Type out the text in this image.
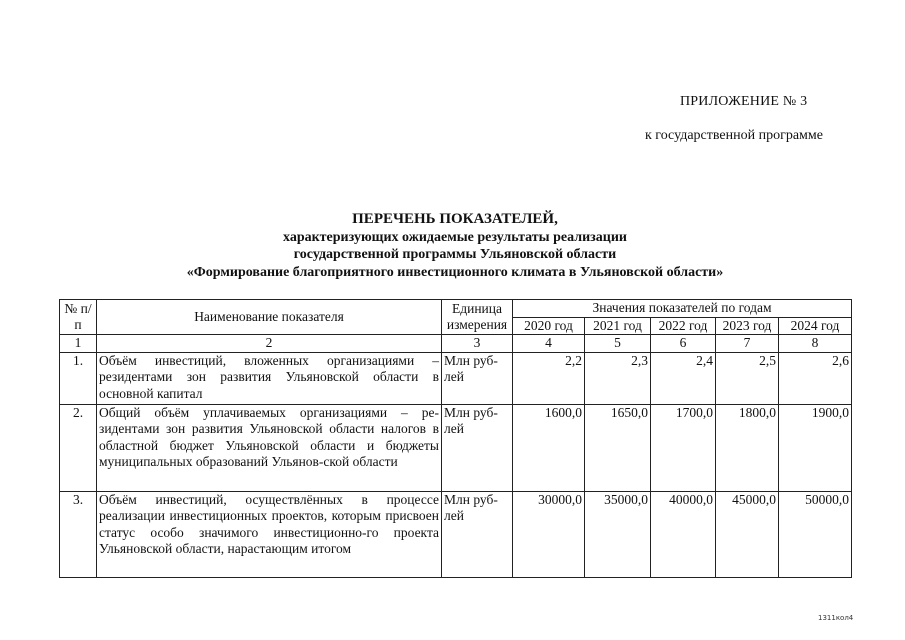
ПРИЛОЖЕНИЕ № 3
к государственной программе
ПЕРЕЧЕНЬ ПОКАЗАТЕЛЕЙ,
характеризующих ожидаемые результаты реализации
государственной программы Ульяновской области
«Формирование благоприятного инвестиционного климата в Ульяновской области»
№ п/п	Наименование показателя	Единица измерения	Значения показателей по годам				
			2020 год	2021 год	2022 год	2023 год	2024 год
1	2	3	4	5	6	7	8
1.	Объём инвестиций, вложенных организациями – резидентами зон развития Ульяновской области в основной капитал	Млн руб-лей	2,2	2,3	2,4	2,5	2,6
2.	Общий объём уплачиваемых организациями – ре-зидентами зон развития Ульяновской области налогов в областной бюджет Ульяновской области и бюджеты муниципальных образований Ульянов-ской области	Млн руб-лей	1600,0	1650,0	1700,0	1800,0	1900,0
3.	Объём инвестиций, осуществлённых в процессе реализации инвестиционных проектов, которым присвоен статус особо значимого инвестиционно-го проекта Ульяновской области, нарастающим итогом	Млн руб-лей	30000,0	35000,0	40000,0	45000,0	50000,0
1311кол4
